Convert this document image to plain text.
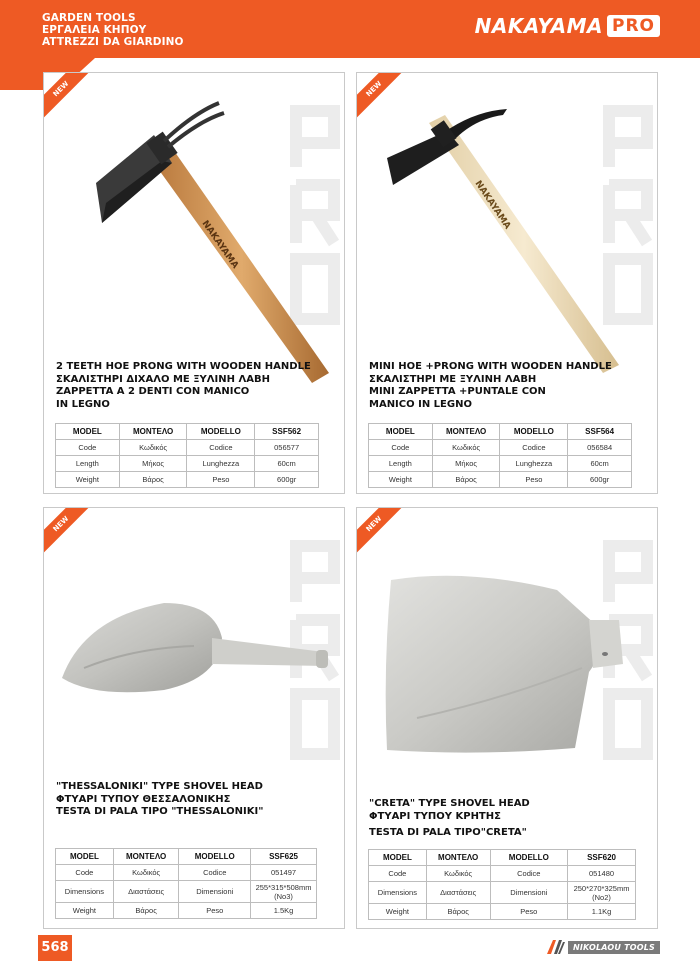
GARDEN TOOLS
ΕΡΓΑΛΕΙΑ ΚΗΠΟΥ
ATTREZZI DA GIARDINO
NAKAYAMA PRO
NEW
NAKAYAMA
2 TEETH HOE PRONG WITH WOODEN HANDLE
ΣΚΑΛΙΣΤΗΡΙ ΔΙΧΑΛΟ ΜΕ ΞΥΛΙΝΗ ΛΑΒΗ
ZAPPETTA A 2 DENTI CON MANICO
IN LEGNO
MODEL	ΜΟΝΤΕΛΟ	MODELLO	SSF562
Code	Κωδικός	Codice	056577
Length	Μήκος	Lunghezza	60cm
Weight	Βάρος	Peso	600gr
NEW
NAKAYAMA
MINI HOE +PRONG WITH WOODEN HANDLE
ΣΚΑΛΙΣΤΗΡΙ ΜΕ ΞΥΛΙΝΗ ΛΑΒΗ
MINI ZAPPETTA +PUNTALE CON
MANICO IN LEGNO
MODEL	ΜΟΝΤΕΛΟ	MODELLO	SSF564
Code	Κωδικός	Codice	056584
Length	Μήκος	Lunghezza	60cm
Weight	Βάρος	Peso	600gr
NEW
"THESSALONIKI" TYPE SHOVEL HEAD
ΦΤΥΑΡΙ ΤΥΠΟΥ ΘΕΣΣΑΛΟΝΙΚΗΣ
TESTA DI PALA TIPO "THESSALONIKI"
MODEL	ΜΟΝΤΕΛΟ	MODELLO	SSF625
Code	Κωδικός	Codice	051497
Dimensions	Διαστάσεις	Dimensioni	255*315*508mm (No3)
Weight	Βάρος	Peso	1.5Kg
NEW
"CRETA" TYPE SHOVEL HEAD
ΦΤΥΑΡΙ ΤΥΠΟΥ ΚΡΗΤΗΣ
TESTA DI PALA TIPO"CRETA"
MODEL	ΜΟΝΤΕΛΟ	MODELLO	SSF620
Code	Κωδικός	Codice	051480
Dimensions	Διαστάσεις	Dimensioni	250*270*325mm (No2)
Weight	Βάρος	Peso	1.1Kg
568	NIKOLAOU TOOLS
